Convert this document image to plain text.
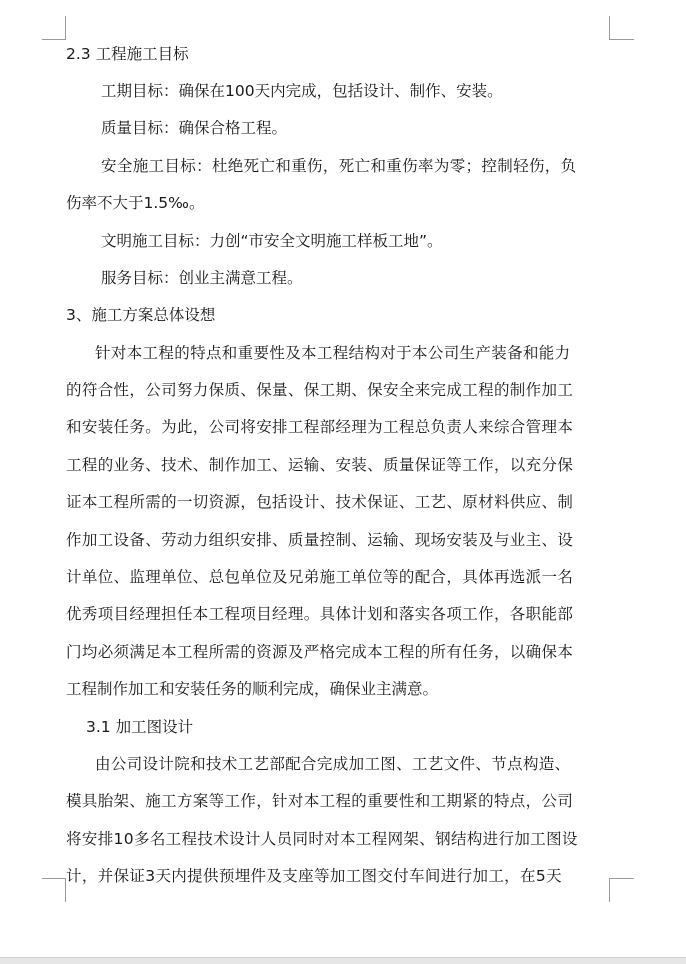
2.3 工程施工目标
工期目标：确保在100天内完成，包括设计、制作、安装。
质量目标：确保合格工程。
安全施工目标：杜绝死亡和重伤，死亡和重伤率为零；控制轻伤，负
伤率不大于1.5‰。
文明施工目标：力创“市安全文明施工样板工地”。
服务目标：创业主满意工程。
3、施工方案总体设想
针对本工程的特点和重要性及本工程结构对于本公司生产装备和能力
的符合性，公司努力保质、保量、保工期、保安全来完成工程的制作加工
和安装任务。为此，公司将安排工程部经理为工程总负责人来综合管理本
工程的业务、技术、制作加工、运输、安装、质量保证等工作，以充分保
证本工程所需的一切资源，包括设计、技术保证、工艺、原材料供应、制
作加工设备、劳动力组织安排、质量控制、运输、现场安装及与业主、设
计单位、监理单位、总包单位及兄弟施工单位等的配合，具体再选派一名
优秀项目经理担任本工程项目经理。具体计划和落实各项工作，各职能部
门均必须满足本工程所需的资源及严格完成本工程的所有任务，以确保本
工程制作加工和安装任务的顺利完成，确保业主满意。
3.1 加工图设计
由公司设计院和技术工艺部配合完成加工图、工艺文件、节点构造、
模具胎架、施工方案等工作，针对本工程的重要性和工期紧的特点，公司
将安排10多名工程技术设计人员同时对本工程网架、钢结构进行加工图设
计，并保证3天内提供预埋件及支座等加工图交付车间进行加工，在5天
